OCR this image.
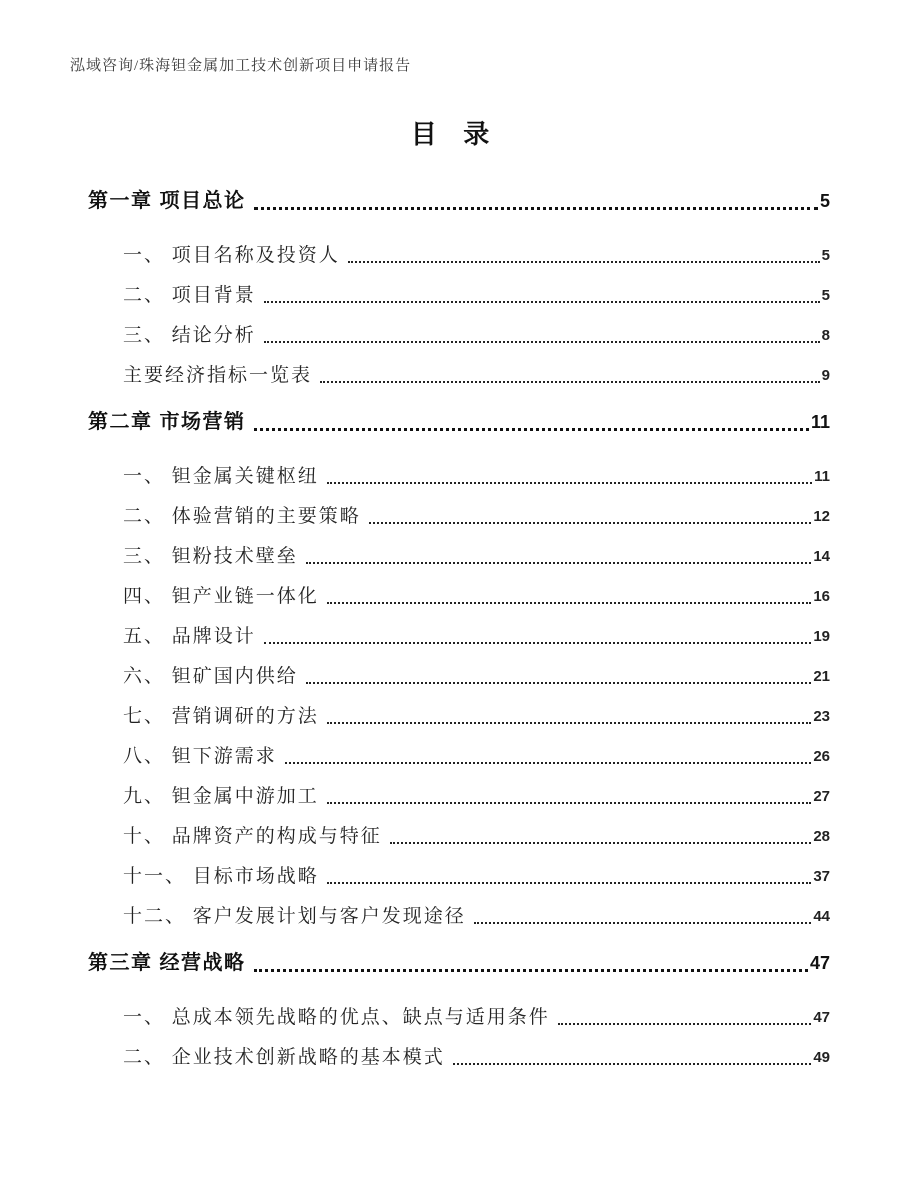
泓域咨询/珠海钽金属加工技术创新项目申请报告
目 录
第一章 项目总论	5
一、 项目名称及投资人	5
二、 项目背景	5
三、 结论分析	8
主要经济指标一览表	9
第二章 市场营销	11
一、 钽金属关键枢纽	11
二、 体验营销的主要策略	12
三、 钽粉技术壁垒	14
四、 钽产业链一体化	16
五、 品牌设计	19
六、 钽矿国内供给	21
七、 营销调研的方法	23
八、 钽下游需求	26
九、 钽金属中游加工	27
十、 品牌资产的构成与特征	28
十一、 目标市场战略	37
十二、 客户发展计划与客户发现途径	44
第三章 经营战略	47
一、 总成本领先战略的优点、缺点与适用条件	47
二、 企业技术创新战略的基本模式	49
